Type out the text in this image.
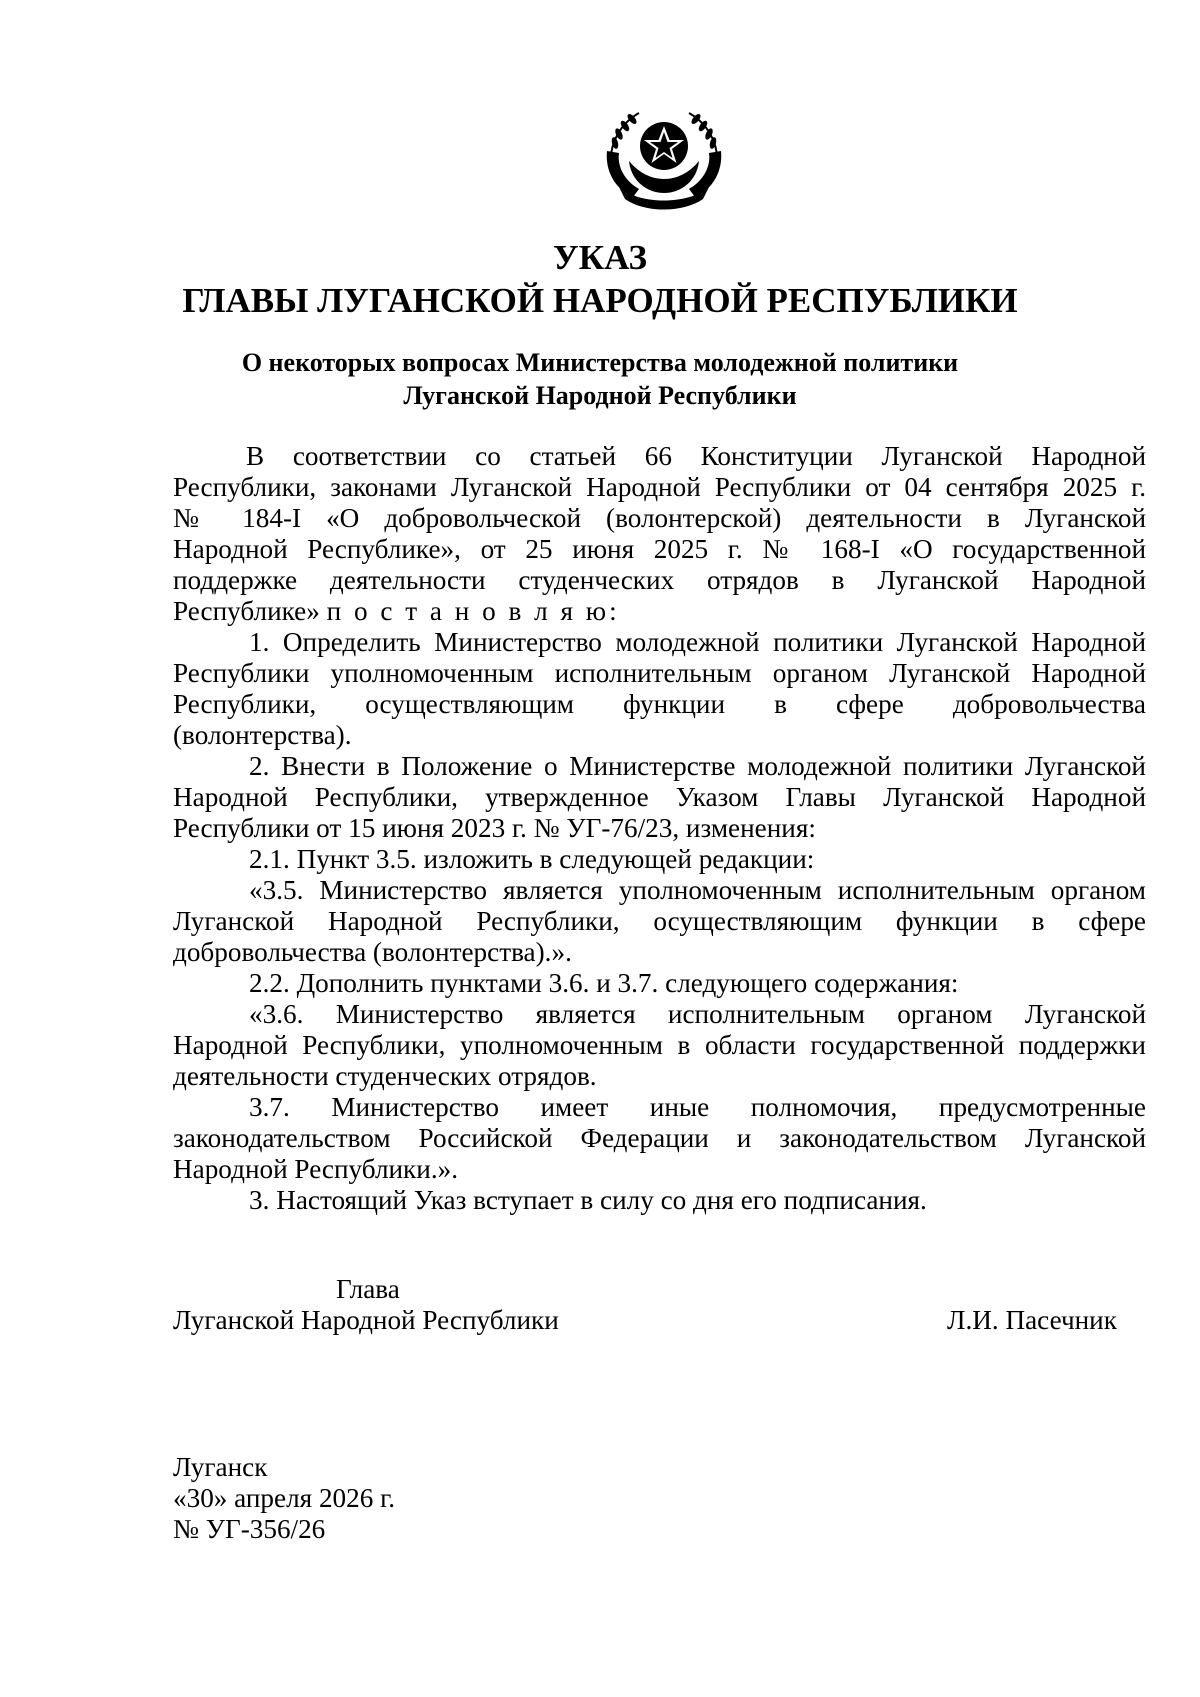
УКАЗ
ГЛАВЫ ЛУГАНСКОЙ НАРОДНОЙ РЕСПУБЛИКИ
О некоторых вопросах Министерства молодежной политики
Луганской Народной Республики
В соответствии со статьей 66 Конституции Луганской Народной
Республики, законами Луганской Народной Республики от 04 сентября 2025 г.
№ 184-I «О добровольческой (волонтерской) деятельности в Луганской
Народной Республике», от 25 июня 2025 г. № 168-I «О государственной
поддержке деятельности студенческих отрядов в Луганской Народной
Республике» п о с т а н о в л я ю:
1. Определить Министерство молодежной политики Луганской Народной
Республики уполномоченным исполнительным органом Луганской Народной
Республики, осуществляющим функции в сфере добровольчества
(волонтерства).
2. Внести в Положение о Министерстве молодежной политики Луганской
Народной Республики, утвержденное Указом Главы Луганской Народной
Республики от 15 июня 2023 г. № УГ-76/23, изменения:
2.1. Пункт 3.5. изложить в следующей редакции:
«3.5. Министерство является уполномоченным исполнительным органом
Луганской Народной Республики, осуществляющим функции в сфере
добровольчества (волонтерства).».
2.2. Дополнить пунктами 3.6. и 3.7. следующего содержания:
«3.6. Министерство является исполнительным органом Луганской
Народной Республики, уполномоченным в области государственной поддержки
деятельности студенческих отрядов.
3.7. Министерство имеет иные полномочия, предусмотренные
законодательством Российской Федерации и законодательством Луганской
Народной Республики.».
3. Настоящий Указ вступает в силу со дня его подписания.
Глава
Луганской Народной Республики	Л.И. Пасечник
Луганск
«30» апреля 2026 г.
№ УГ-356/26
